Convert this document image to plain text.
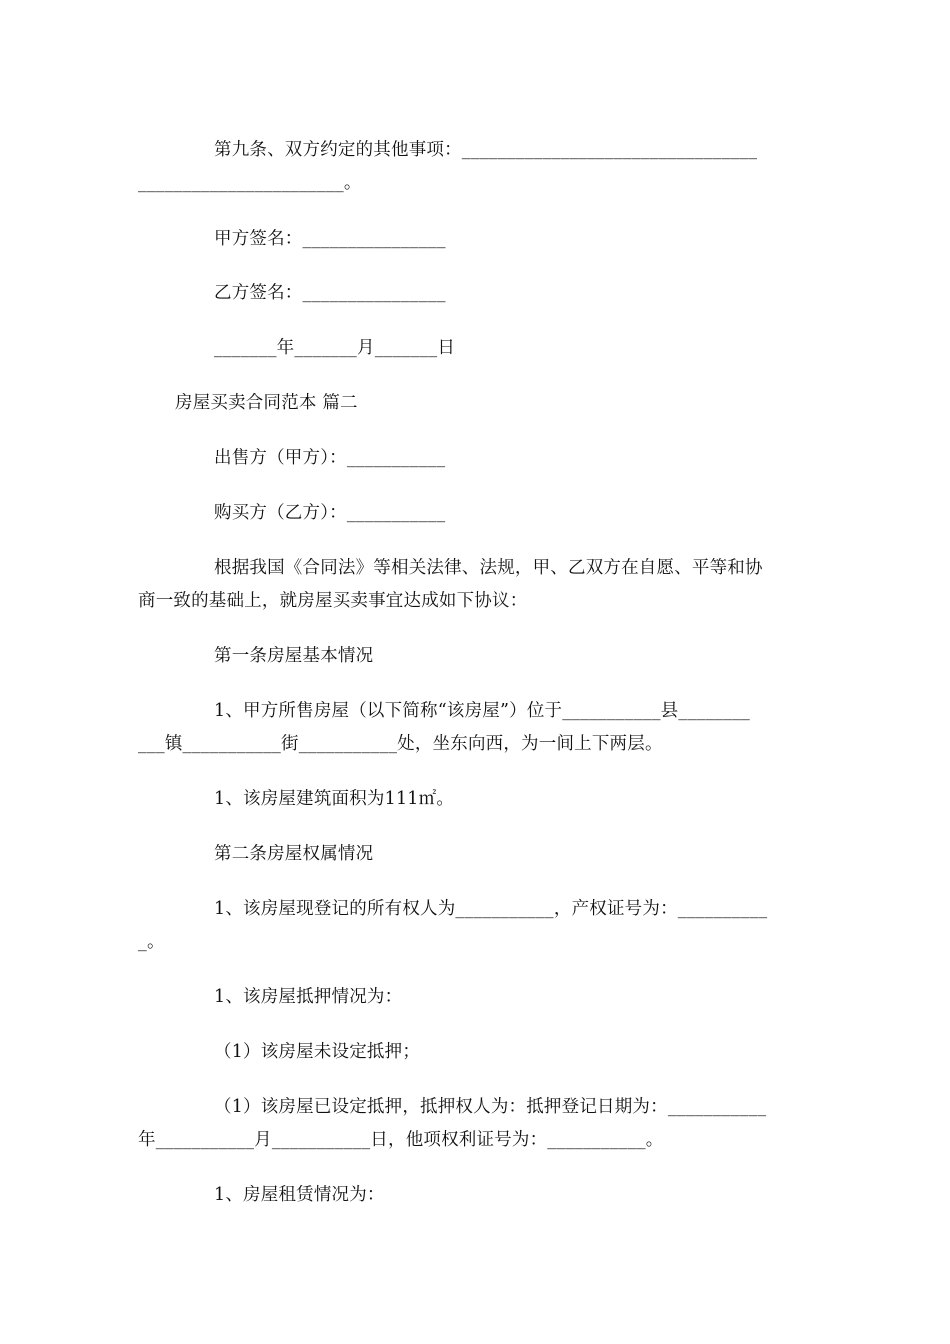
第九条、双方约定的其他事项：_________________________________
_______________________。
甲方签名：________________
乙方签名：________________
_______年_______月_______日
房屋买卖合同范本 篇二
出售方（甲方）：___________
购买方（乙方）：___________
根据我国《合同法》等相关法律、法规，甲、乙双方在自愿、平等和协
商一致的基础上，就房屋买卖事宜达成如下协议：
第一条房屋基本情况
1、甲方所售房屋（以下简称“该房屋”）位于___________县________
___镇___________街___________处，坐东向西，为一间上下两层。
1、该房屋建筑面积为111㎡。
第二条房屋权属情况
1、该房屋现登记的所有权人为___________，产权证号为：__________
_。
1、该房屋抵押情况为：
（1）该房屋未设定抵押；
（1）该房屋已设定抵押，抵押权人为：抵押登记日期为：___________
年___________月___________日，他项权利证号为：___________。
1、房屋租赁情况为：
